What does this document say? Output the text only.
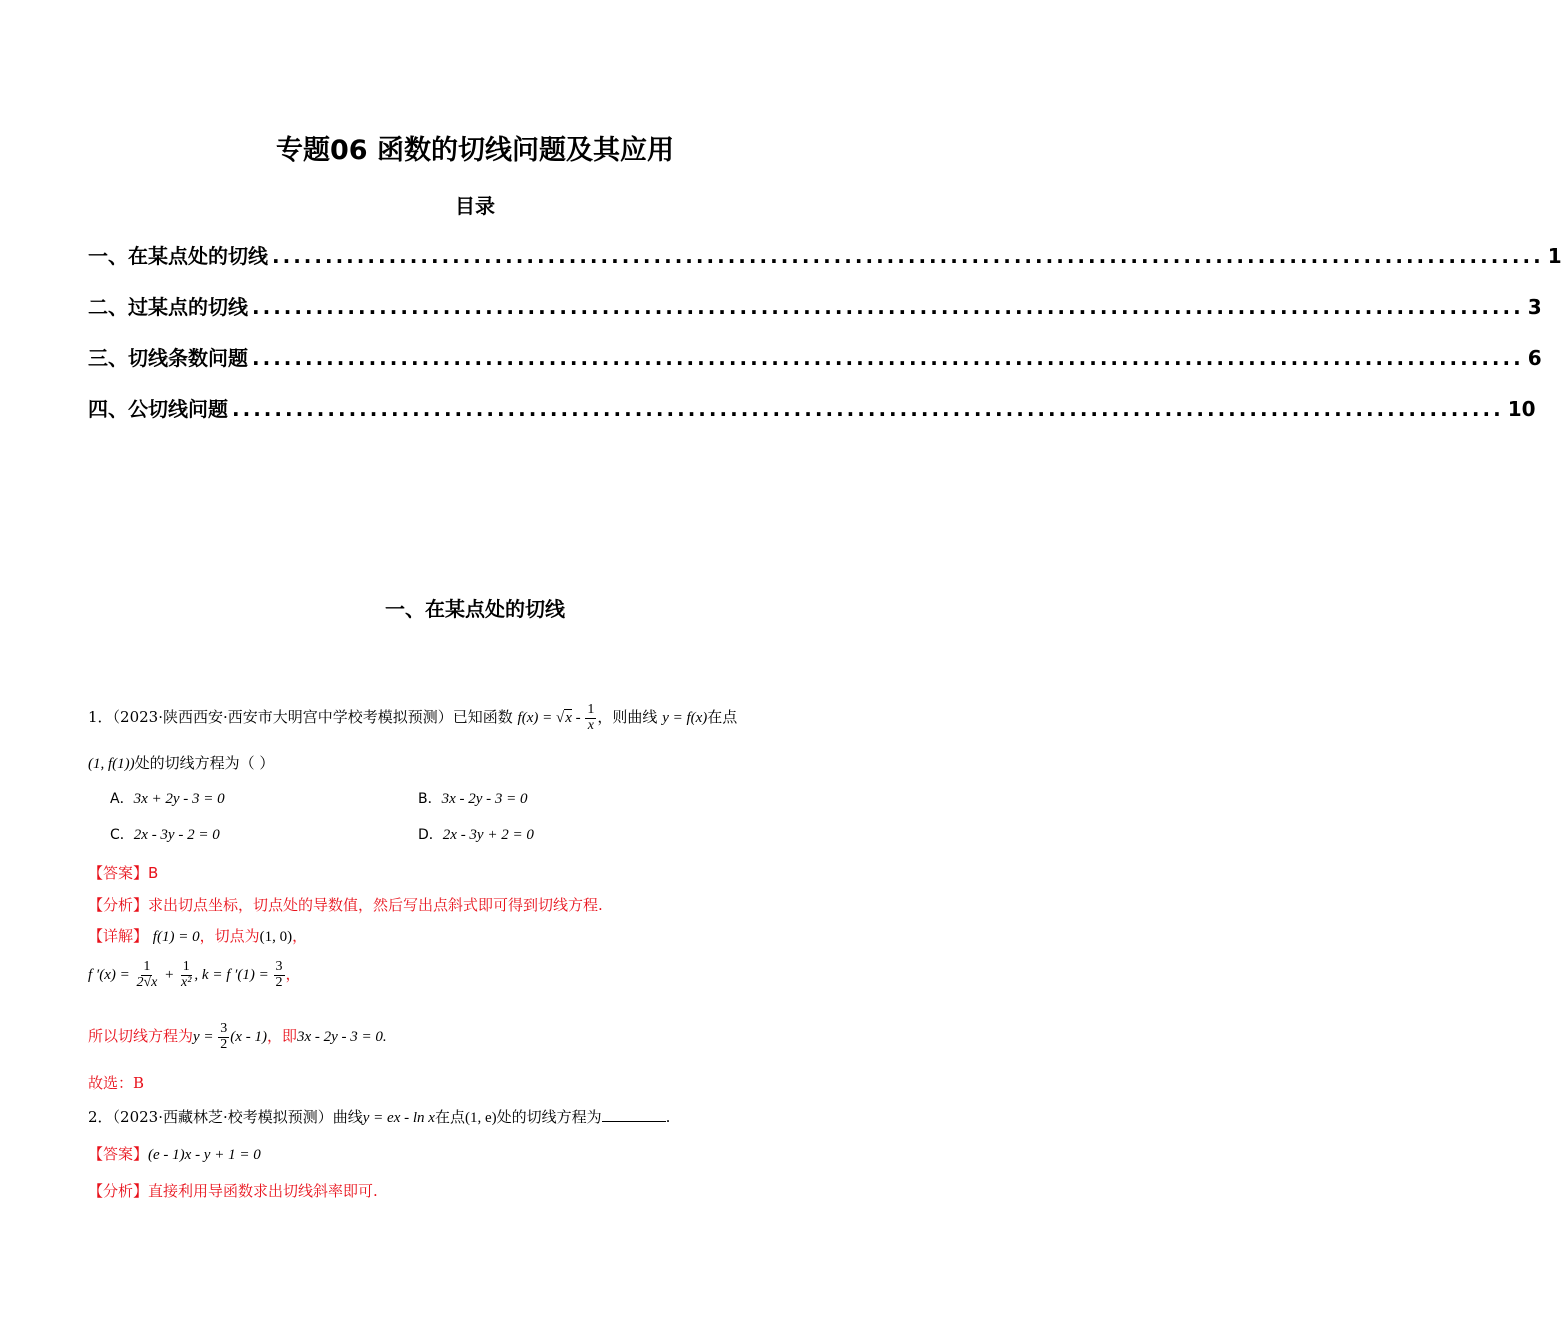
专题06 函数的切线问题及其应用
目录
一、在某点处的切线 ........................................................................................................................ 1
二、过某点的切线 ........................................................................................................................ 3
三、切线条数问题 ........................................................................................................................ 6
四、公切线问题 ........................................................................................................................ 10
一、在某点处的切线
1．（2023·陕西西安·西安市大明宫中学校考模拟预测）已知函数 $f(x) = √x - \frac{1}{x}$ ，则曲线 y = f(x)在点
(1, f(1))处的切线方程为（ ）
A．3x + 2y - 3 = 0	B．3x - 2y - 3 = 0
C．2x - 3y - 2 = 0	D．2x - 3y + 2 = 0
【答案】B
【分析】求出切点坐标，切点处的导数值，然后写出点斜式即可得到切线方程.
【详解】 f(1) = 0，切点为(1, 0)，
f $'(x) = \frac{1}{2√x} + \frac{1}{\text{x²}}$ , k = f $'(1) = \frac{3}{2}$ ，
所以切线方程为$y = \frac{3}{2} (x - 1)$，即3x - 2y - 3 = 0.
故选：B
2．（2023·西藏林芝·校考模拟预测）曲线y = ex - ln x在点(1, e)处的切线方程为	.
【答案】(e - 1)x - y + 1 = 0
【分析】直接利用导函数求出切线斜率即可.
